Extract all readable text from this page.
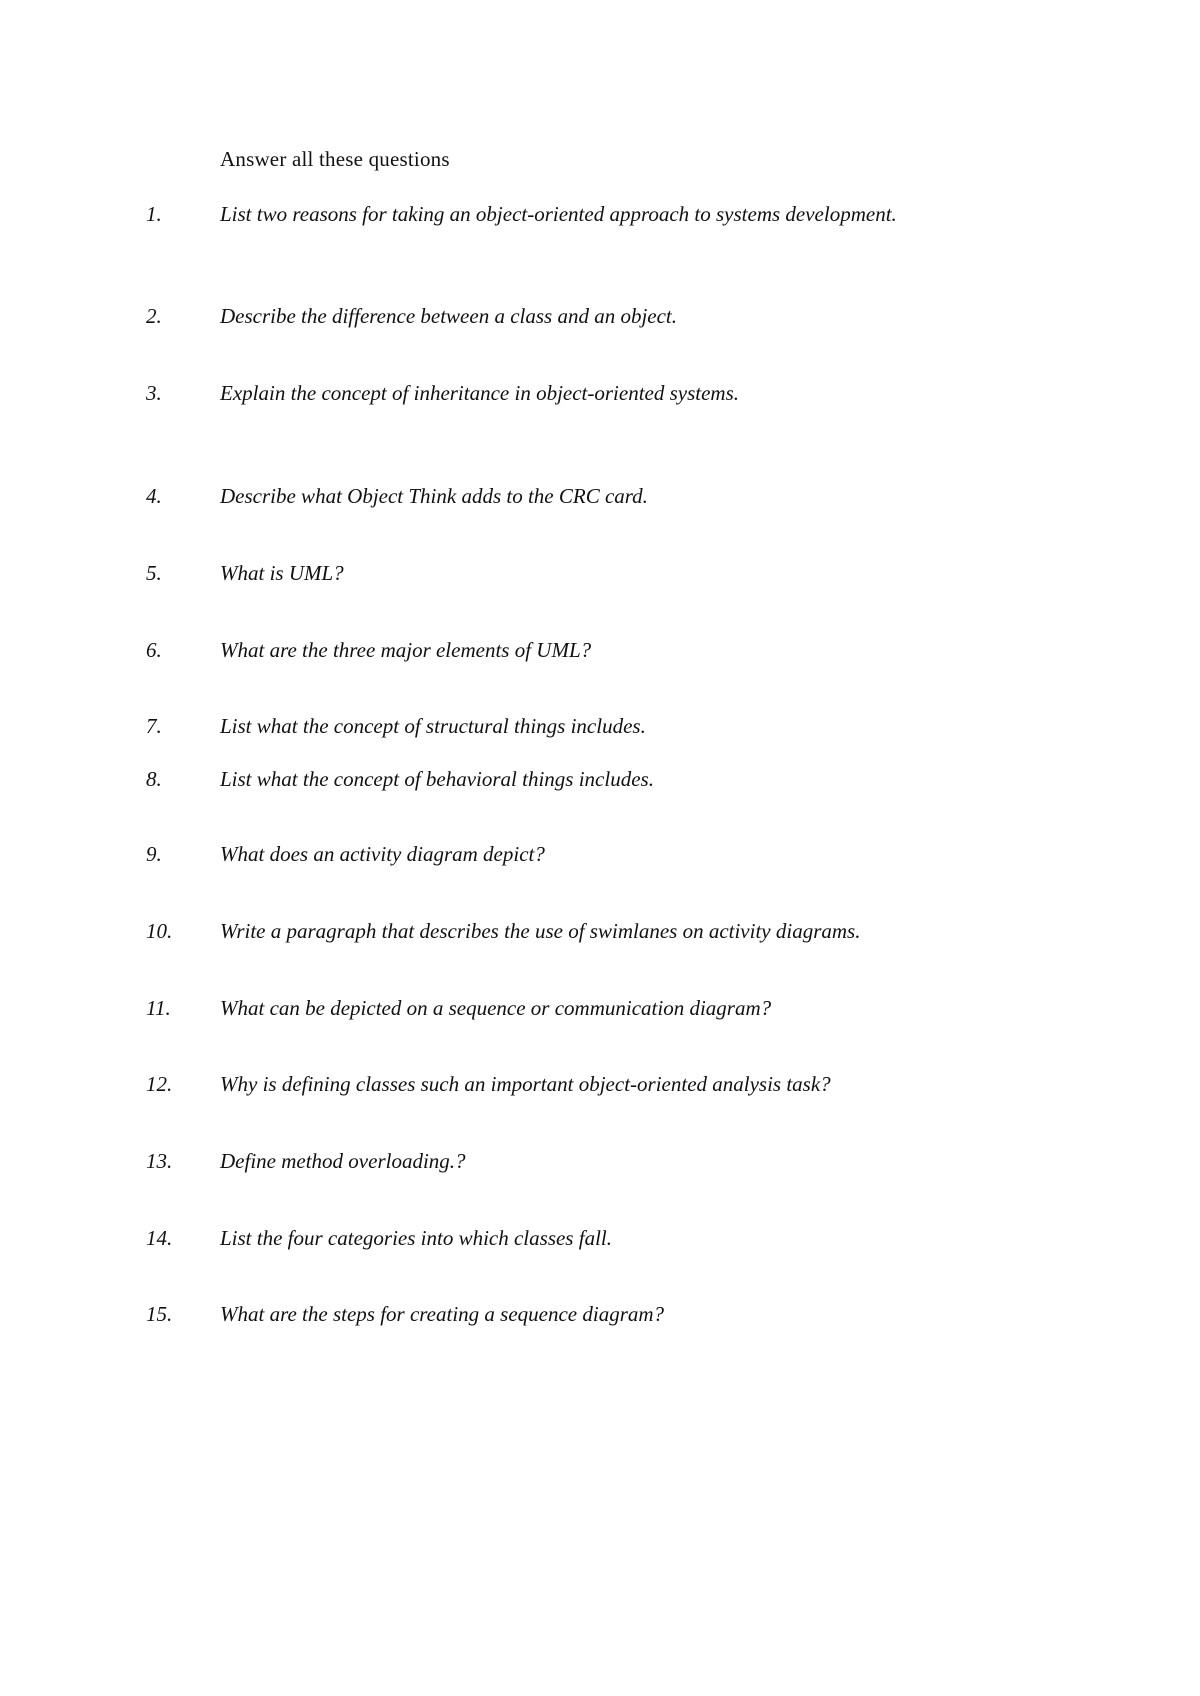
Answer all these questions
1.	List two reasons for taking an object-oriented approach to systems development.
2.	Describe the difference between a class and an object.
3.	Explain the concept of inheritance in object-oriented systems.
4.	Describe what Object Think adds to the CRC card.
5.	What is UML?
6.	What are the three major elements of UML?
7.	List what the concept of structural things includes.
8.	List what the concept of behavioral things includes.
9.	What does an activity diagram depict?
10. Write a paragraph that describes the use of swimlanes on activity diagrams.
11. What can be depicted on a sequence or communication diagram?
12. Why is defining classes such an important object-oriented analysis task?
13. Define method overloading.?
14. List the four categories into which classes fall.
15. What are the steps for creating a sequence diagram?
